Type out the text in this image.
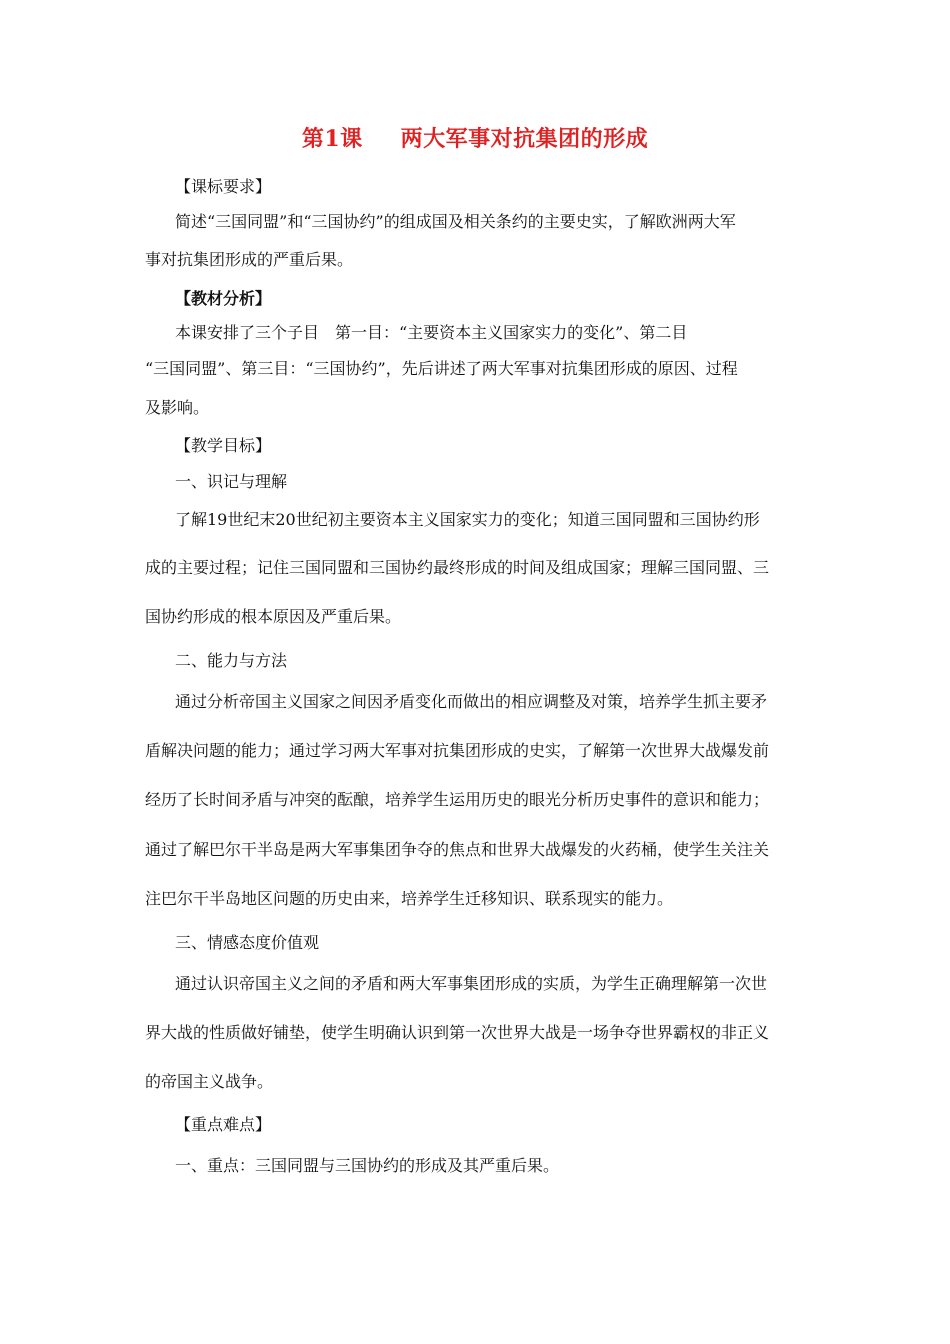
第1课 两大军事对抗集团的形成
【课标要求】
简述“三国同盟”和“三国协约”的组成国及相关条约的主要史实，了解欧洲两大军
事对抗集团形成的严重后果。
【教材分析】
本课安排了三个子目　第一目：“主要资本主义国家实力的变化”、第二目
“三国同盟”、第三目：“三国协约”，先后讲述了两大军事对抗集团形成的原因、过程
及影响。
【教学目标】
一、识记与理解
了解19世纪末20世纪初主要资本主义国家实力的变化；知道三国同盟和三国协约形
成的主要过程；记住三国同盟和三国协约最终形成的时间及组成国家；理解三国同盟、三
国协约形成的根本原因及严重后果。
二、能力与方法
通过分析帝国主义国家之间因矛盾变化而做出的相应调整及对策，培养学生抓主要矛
盾解决问题的能力；通过学习两大军事对抗集团形成的史实，了解第一次世界大战爆发前
经历了长时间矛盾与冲突的酝酿，培养学生运用历史的眼光分析历史事件的意识和能力；
通过了解巴尔干半岛是两大军事集团争夺的焦点和世界大战爆发的火药桶，使学生关注关
注巴尔干半岛地区问题的历史由来，培养学生迁移知识、联系现实的能力。
三、情感态度价值观
通过认识帝国主义之间的矛盾和两大军事集团形成的实质，为学生正确理解第一次世
界大战的性质做好铺垫，使学生明确认识到第一次世界大战是一场争夺世界霸权的非正义
的帝国主义战争。
【重点难点】
一、重点：三国同盟与三国协约的形成及其严重后果。
